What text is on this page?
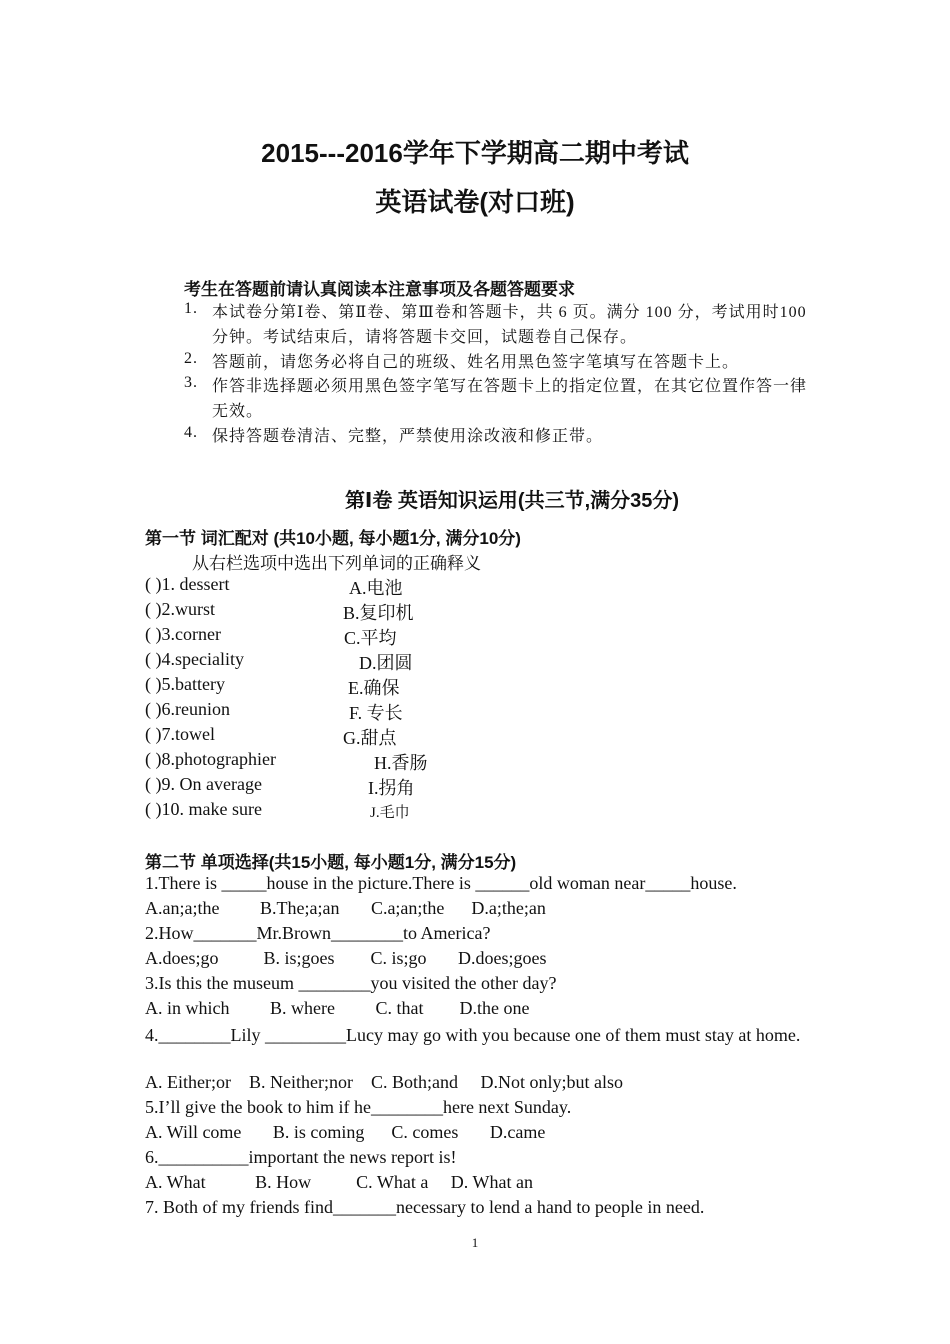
2015---2016学年下学期高二期中考试
英语试卷(对口班)
考生在答题前请认真阅读本注意事项及各题答题要求
1. 本试卷分第Ⅰ卷、第Ⅱ卷、第Ⅲ卷和答题卡，共 6 页。满分 100 分，考试用时100分钟。考试结束后，请将答题卡交回，试题卷自己保存。
2. 答题前，请您务必将自己的班级、姓名用黑色签字笔填写在答题卡上。
3. 作答非选择题必须用黑色签字笔写在答题卡上的指定位置，在其它位置作答一律无效。
4. 保持答题卷清洁、完整，严禁使用涂改液和修正带。
第Ⅰ卷 英语知识运用(共三节,满分35分)
第一节 词汇配对 (共10小题, 每小题1分, 满分10分)
从右栏选项中选出下列单词的正确释义
( )1. dessert	A.电池
( )2.wurst	B.复印机
( )3.corner	C.平均
( )4.speciality	D.团圆
( )5.battery	E.确保
( )6.reunion	F. 专长
( )7.towel	G.甜点
( )8.photographier	H.香肠
( )9. On average	I.拐角
( )10. make sure	J.毛巾
第二节 单项选择(共15小题, 每小题1分, 满分15分)
1.There is _____house in the picture.There is ______old woman near_____house.
A.an;a;the         B.The;a;an       C.a;an;the      D.a;the;an
2.How_______Mr.Brown________to America?
A.does;go          B. is;goes        C. is;go       D.does;goes
3.Is this the museum ________you visited the other day?
A. in which         B. where         C. that        D.the one
4.________Lily _________Lucy may go with you because one of them must stay at home.
A. Either;or    B. Neither;nor    C. Both;and     D.Not only;but also
5.I’ll give the book to him if he________here next Sunday.
A. Will come       B. is coming      C. comes       D.came
6.__________important the news report is!
A. What           B. How          C. What a     D. What an
7. Both of my friends find_______necessary to lend a hand to people in need.
1
